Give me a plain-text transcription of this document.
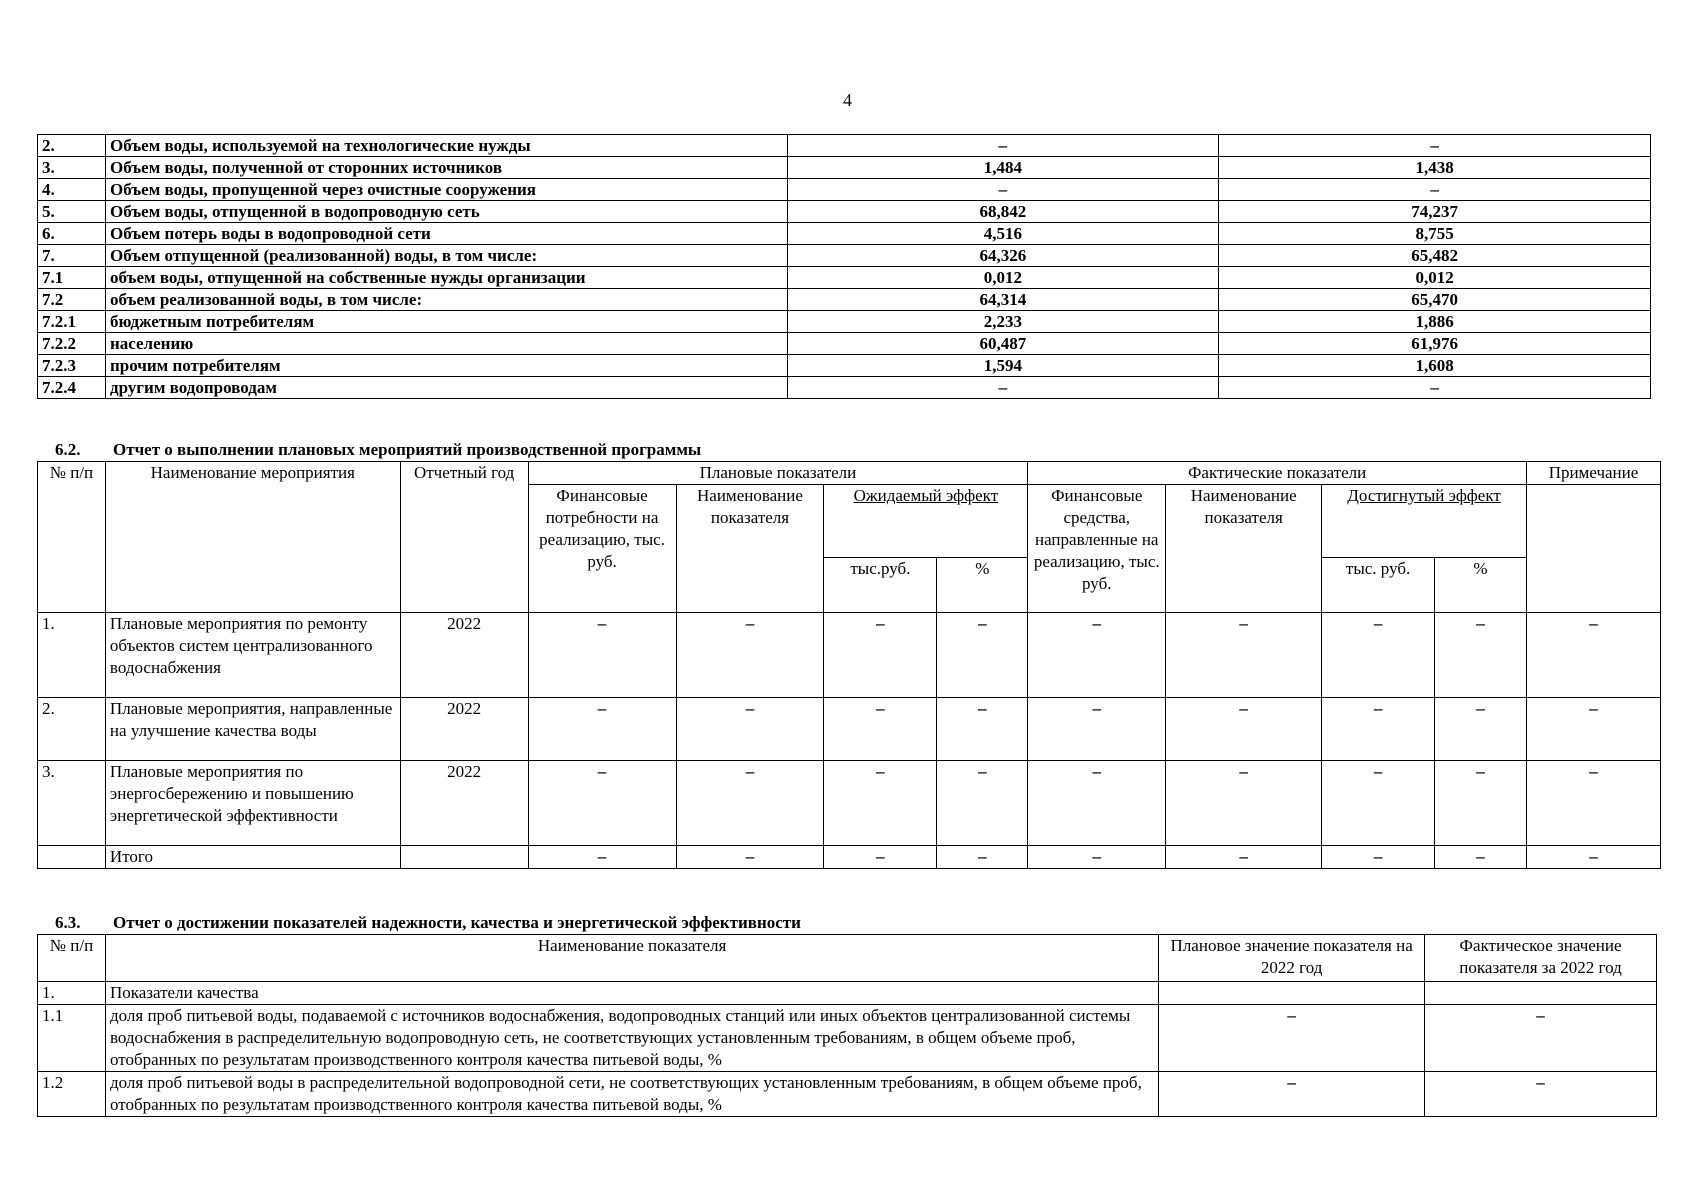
4
2.	Объем воды, используемой на технологические нужды	–	–
3.	Объем воды, полученной от сторонних источников	1,484	1,438
4.	Объем воды, пропущенной через очистные сооружения	–	–
5.	Объем воды, отпущенной в водопроводную сеть	68,842	74,237
6.	Объем потерь воды в водопроводной сети	4,516	8,755
7.	Объем отпущенной (реализованной) воды, в том числе:	64,326	65,482
7.1	объем воды, отпущенной на собственные нужды организации	0,012	0,012
7.2	объем реализованной воды, в том числе:	64,314	65,470
7.2.1	бюджетным потребителям	2,233	1,886
7.2.2	населению	60,487	61,976
7.2.3	прочим потребителям	1,594	1,608
7.2.4	другим водопроводам	–	–
6.2. Отчет о выполнении плановых мероприятий производственной программы
№ п/п	Наименование мероприятия	Отчетный год	Плановые показатели				Фактические показатели				Примечание
			Финансовые потребности на реализацию, тыс. руб.	Наименование показателя	Ожидаемый эффект		Финансовые средства, направленные на реализацию, тыс. руб.	Наименование показателя	Достигнутый эффект		
					тыс.руб.	%			тыс. руб.	%	
1.	Плановые мероприятия по ремонту объектов систем централизованного водоснабжения	2022	–	–	–	–	–	–	–	–	–
2.	Плановые мероприятия, направленные на улучшение качества воды	2022	–	–	–	–	–	–	–	–	–
3.	Плановые мероприятия по энергосбережению и повышению энергетической эффективности	2022	–	–	–	–	–	–	–	–	–
	Итого		–	–	–	–	–	–	–	–	–
6.3. Отчет о достижении показателей надежности, качества и энергетической эффективности
№ п/п	Наименование показателя	Плановое значение показателя на 2022 год	Фактическое значение показателя за 2022 год
1.	Показатели качества		
1.1	доля проб питьевой воды, подаваемой с источников водоснабжения, водопроводных станций или иных объектов централизованной системы водоснабжения в распределительную водопроводную сеть, не соответствующих установленным требованиям, в общем объеме проб, отобранных по результатам производственного контроля качества питьевой воды, %	–	–
1.2	доля проб питьевой воды в распределительной водопроводной сети, не соответствующих установленным требованиям, в общем объеме проб, отобранных по результатам производственного контроля качества питьевой воды, %	–	–
